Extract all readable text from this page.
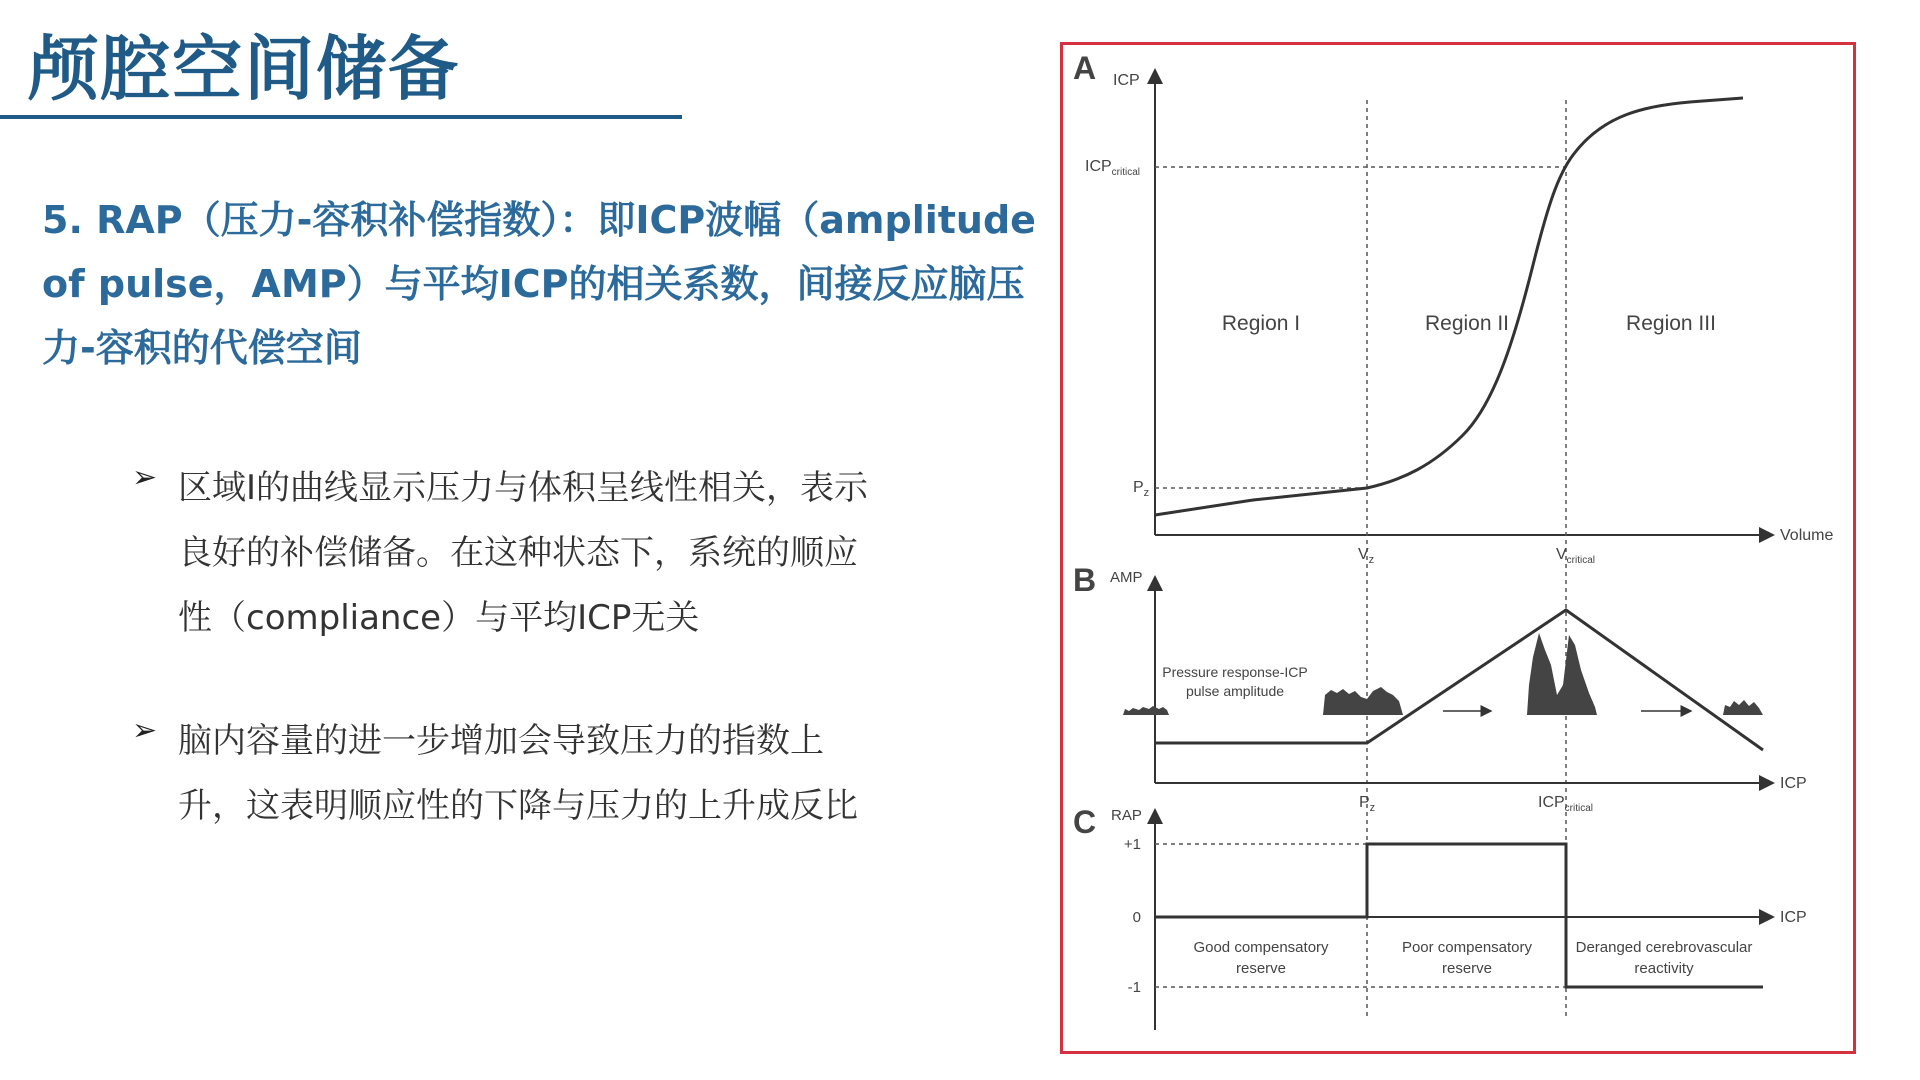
颅腔空间储备
5. RAP（压力-容积补偿指数）：即ICP波幅（amplitude of pulse，AMP）与平均ICP的相关系数，间接反应脑压力-容积的代偿空间
➢ 区域I的曲线显示压力与体积呈线性相关，表示良好的补偿储备。在这种状态下，系统的顺应性（compliance）与平均ICP无关
➢ 脑内容量的进一步增加会导致压力的指数上升，这表明顺应性的下降与压力的上升成反比
A ICP
Volume
$ICP_{critical}$
$P_z$
$V_z$	$V_{critical}$
Region I	Region II	Region III
B AMP
ICP
Pressure response-ICP
pulse amplitude
$P_z$	$ICP_{critical}$
C RAP
ICP
+1
0
-1
Good compensatory
reserve
Poor compensatory
reserve
Deranged cerebrovascular
reactivity
